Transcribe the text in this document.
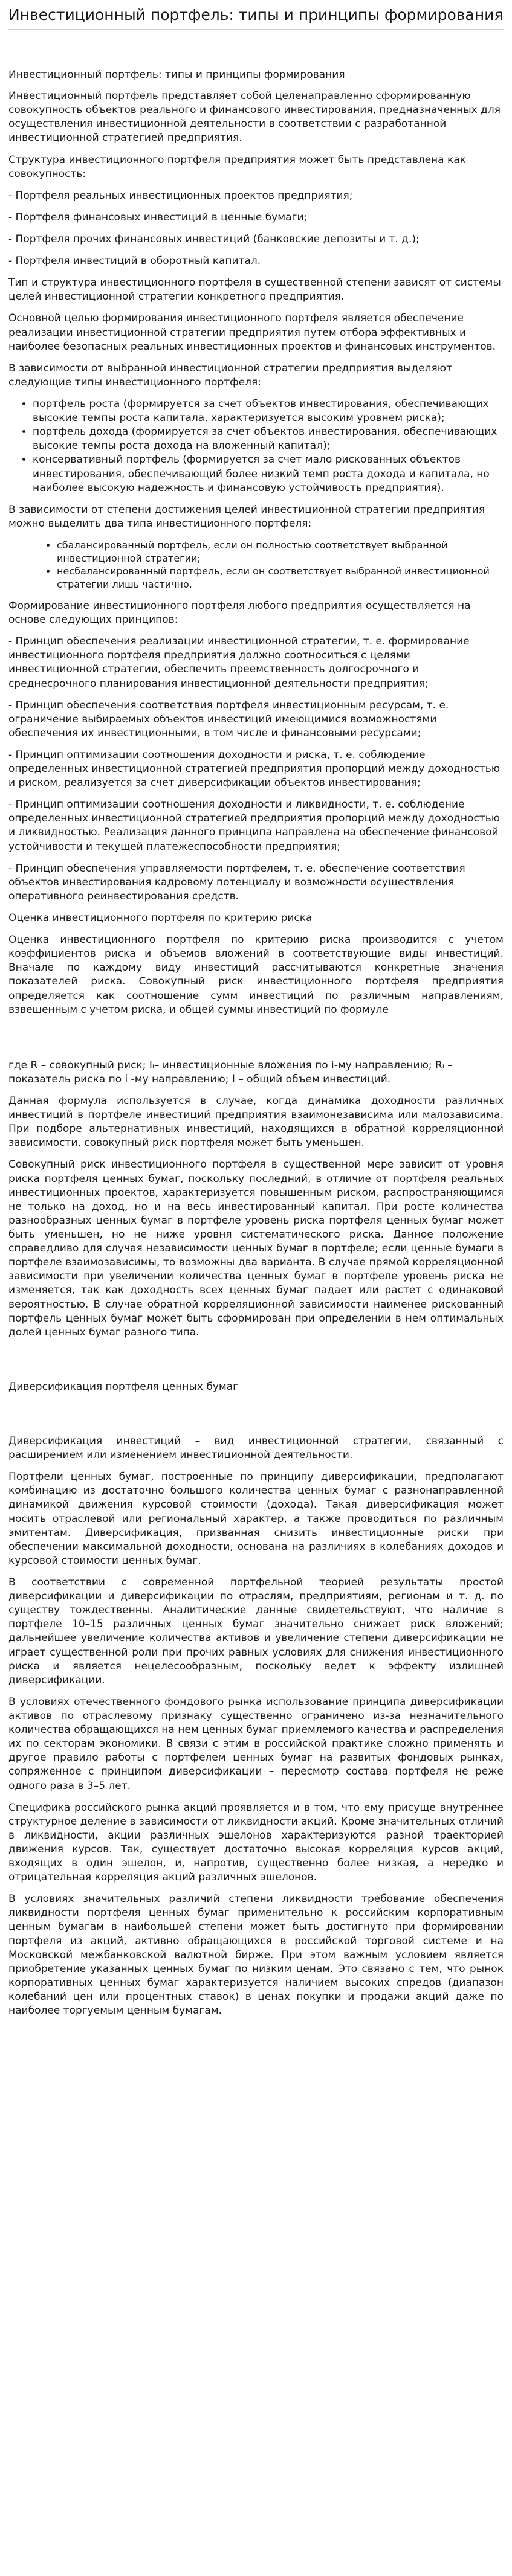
Инвестиционный портфель: типы и принципы формирования

Инвестиционный портфель: типы и принципы формирования

Инвестиционный портфель представляет собой целенаправленно сформированную совокупность объектов реального и финансового инвестирования, предназначенных для осуществления инвестиционной деятельности в соответствии с разработанной инвестиционной стратегией предприятия.

Структура инвестиционного портфеля предприятия может быть представлена как совокупность:

- Портфеля реальных инвестиционных проектов предприятия;

- Портфеля финансовых инвестиций в ценные бумаги;

- Портфеля прочих финансовых инвестиций (банковские депозиты и т. д.);

- Портфеля инвестиций в оборотный капитал.

Тип и структура инвестиционного портфеля в существенной степени зависят от системы целей инвестиционной стратегии конкретного предприятия.

Основной целью формирования инвестиционного портфеля является обеспечение реализации инвестиционной стратегии предприятия путем отбора эффективных и наиболее безопасных реальных инвестиционных проектов и финансовых инструментов.

В зависимости от выбранной инвестиционной стратегии предприятия выделяют следующие типы инвестиционного портфеля:

• портфель роста (формируется за счет объектов инвестирования, обеспечивающих высокие темпы роста капитала, характеризуется высоким уровнем риска);
• портфель дохода (формируется за счет объектов инвестирования, обеспечивающих высокие темпы роста дохода на вложенный капитал);
• консервативный портфель (формируется за счет мало рискованных объектов инвестирования, обеспечивающий более низкий темп роста дохода и капитала, но наиболее высокую надежность и финансовую устойчивость предприятия).

В зависимости от степени достижения целей инвестиционной стратегии предприятия можно выделить два типа инвестиционного портфеля:

• сбалансированный портфель, если он полностью соответствует выбранной инвестиционной стратегии;
• несбалансированный портфель, если он соответствует выбранной инвестиционной стратегии лишь частично.

Формирование инвестиционного портфеля любого предприятия осуществляется на основе следующих принципов:

- Принцип обеспечения реализации инвестиционной стратегии, т. е. формирование инвестиционного портфеля предприятия должно соотноситься с целями инвестиционной стратегии, обеспечить преемственность долгосрочного и среднесрочного планирования инвестиционной деятельности предприятия;

- Принцип обеспечения соответствия портфеля инвестиционным ресурсам, т. е. ограничение выбираемых объектов инвестиций имеющимися возможностями обеспечения их инвестиционными, в том числе и финансовыми ресурсами;

- Принцип оптимизации соотношения доходности и риска, т. е. соблюдение определенных инвестиционной стратегией предприятия пропорций между доходностью и риском, реализуется за счет диверсификации объектов инвестирования;

- Принцип оптимизации соотношения доходности и ликвидности, т. е. соблюдение определенных инвестиционной стратегией предприятия пропорций между доходностью и ликвидностью. Реализация данного принципа направлена на обеспечение финансовой устойчивости и текущей платежеспособности предприятия;

- Принцип обеспечения управляемости портфелем, т. е. обеспечение соответствия объектов инвестирования кадровому потенциалу и возможности осуществления оперативного реинвестирования средств.

Оценка инвестиционного портфеля по критерию риска

Оценка инвестиционного портфеля по критерию риска производится с учетом коэффициентов риска и объемов вложений в соответствующие виды инвестиций. Вначале по каждому виду инвестиций рассчитываются конкретные значения показателей риска. Совокупный риск инвестиционного портфеля предприятия определяется как соотношение сумм инвестиций по различным направлениям, взвешенным с учетом риска, и общей суммы инвестиций по формуле

где R – совокупный риск; Iᵢ– инвестиционные вложения по i-му направлению; Rᵢ – показатель риска по i -му направлению; I – общий объем инвестиций.

Данная формула используется в случае, когда динамика доходности различных инвестиций в портфеле инвестиций предприятия взаимонезависима или малозависима. При подборе альтернативных инвестиций, находящихся в обратной корреляционной зависимости, совокупный риск портфеля может быть уменьшен.

Совокупный риск инвестиционного портфеля в существенной мере зависит от уровня риска портфеля ценных бумаг, поскольку последний, в отличие от портфеля реальных инвестиционных проектов, характеризуется повышенным риском, распространяющимся не только на доход, но и на весь инвестированный капитал. При росте количества разнообразных ценных бумаг в портфеле уровень риска портфеля ценных бумаг может быть уменьшен, но не ниже уровня систематического риска. Данное положение справедливо для случая независимости ценных бумаг в портфеле; если ценные бумаги в портфеле взаимозависимы, то возможны два варианта. В случае прямой корреляционной зависимости при увеличении количества ценных бумаг в портфеле уровень риска не изменяется, так как доходность всех ценных бумаг падает или растет с одинаковой вероятностью. В случае обратной корреляционной зависимости наименее рискованный портфель ценных бумаг может быть сформирован при определении в нем оптимальных долей ценных бумаг разного типа.

Диверсификация портфеля ценных бумаг

Диверсификация инвестиций – вид инвестиционной стратегии, связанный с расширением или изменением инвестиционной деятельности.

Портфели ценных бумаг, построенные по принципу диверсификации, предполагают комбинацию из достаточно большого количества ценных бумаг с разнонаправленной динамикой движения курсовой стоимости (дохода). Такая диверсификация может носить отраслевой или региональный характер, а также проводиться по различным эмитентам. Диверсификация, призванная снизить инвестиционные риски при обеспечении максимальной доходности, основана на различиях в колебаниях доходов и курсовой стоимости ценных бумаг.

В соответствии с современной портфельной теорией результаты простой диверсификации и диверсификации по отраслям, предприятиям, регионам и т. д. по существу тождественны. Аналитические данные свидетельствуют, что наличие в портфеле 10–15 различных ценных бумаг значительно снижает риск вложений; дальнейшее увеличение количества активов и увеличение степени диверсификации не играет существенной роли при прочих равных условиях для снижения инвестиционного риска и является нецелесообразным, поскольку ведет к эффекту излишней диверсификации.

В условиях отечественного фондового рынка использование принципа диверсификации активов по отраслевому признаку существенно ограничено из-за незначительного количества обращающихся на нем ценных бумаг приемлемого качества и распределения их по секторам экономики. В связи с этим в российской практике сложно применять и другое правило работы с портфелем ценных бумаг на развитых фондовых рынках, сопряженное с принципом диверсификации – пересмотр состава портфеля не реже одного раза в 3–5 лет.

Специфика российского рынка акций проявляется и в том, что ему присуще внутреннее структурное деление в зависимости от ликвидности акций. Кроме значительных отличий в ликвидности, акции различных эшелонов характеризуются разной траекторией движения курсов. Так, существует достаточно высокая корреляция курсов акций, входящих в один эшелон, и, напротив, существенно более низкая, а нередко и отрицательная корреляция акций различных эшелонов.

В условиях значительных различий степени ликвидности требование обеспечения ликвидности портфеля ценных бумаг применительно к российским корпоративным ценным бумагам в наибольшей степени может быть достигнуто при формировании портфеля из акций, активно обращающихся в российской торговой системе и на Московской межбанковской валютной бирже. При этом важным условием является приобретение указанных ценных бумаг по низким ценам. Это связано с тем, что рынок корпоративных ценных бумаг характеризуется наличием высоких спредов (диапазон колебаний цен или процентных ставок) в ценах покупки и продажи акций даже по наиболее торгуемым ценным бумагам.
